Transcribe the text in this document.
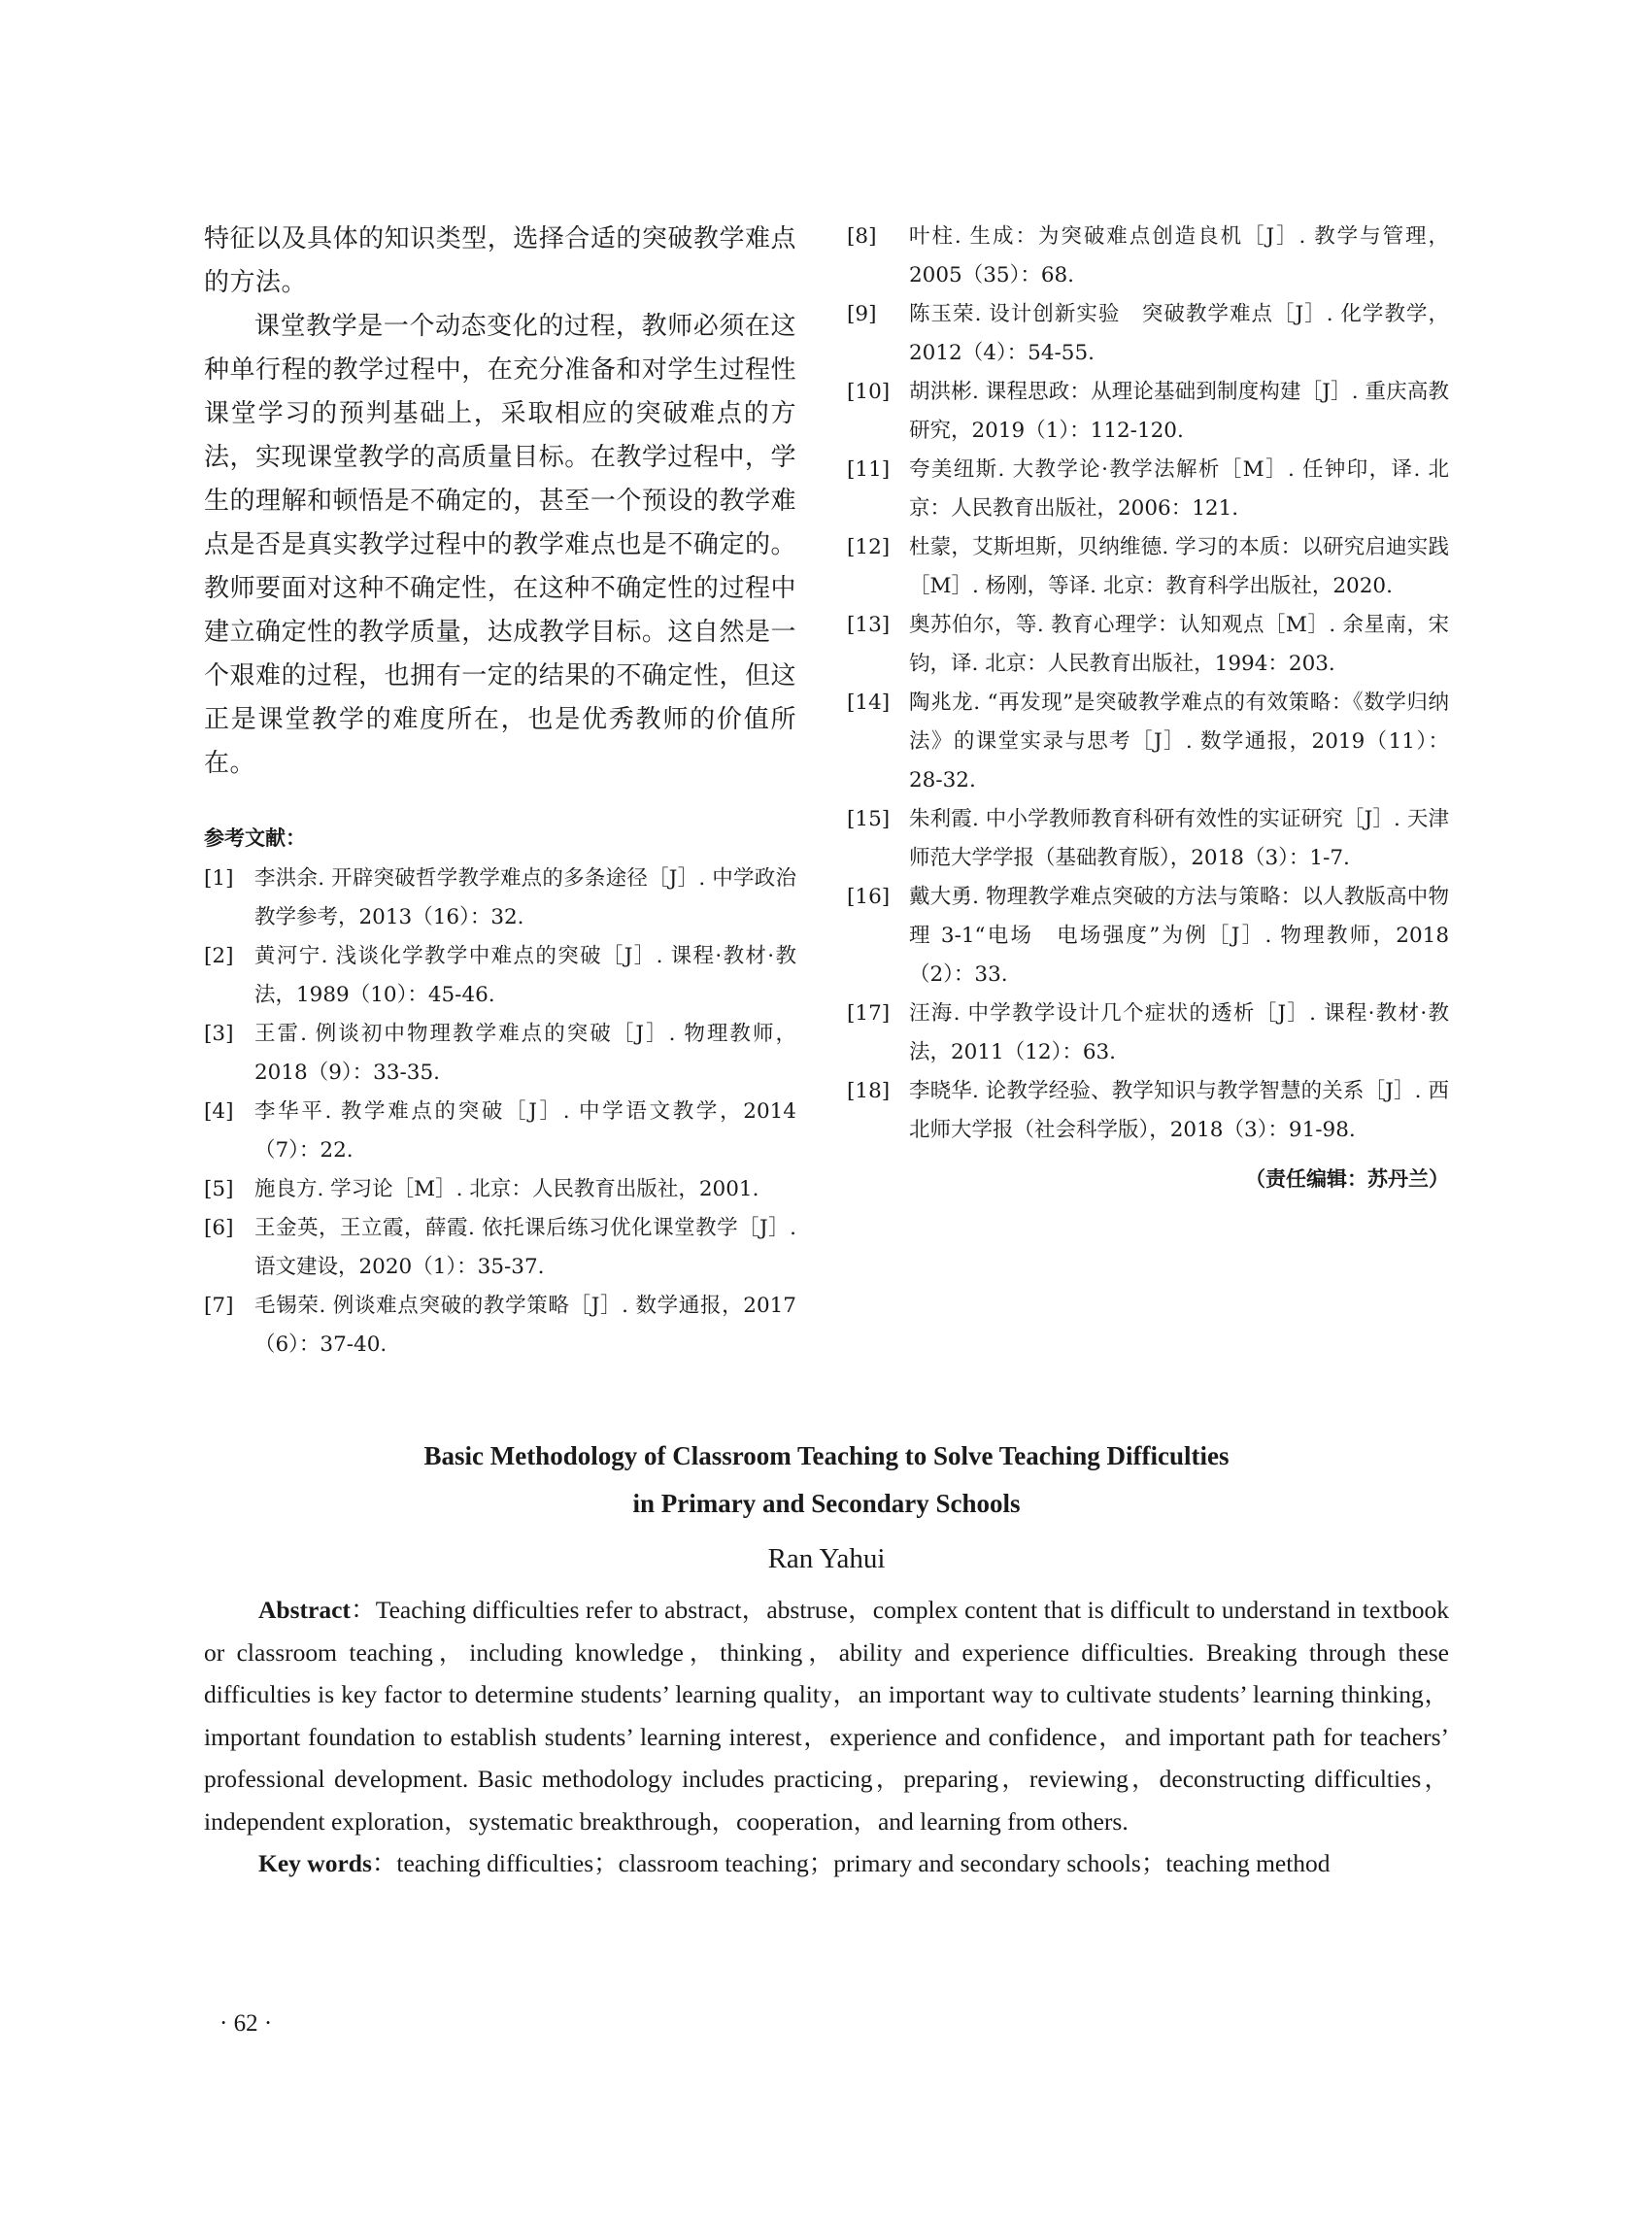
特征以及具体的知识类型，选择合适的突破教学难点的方法。

课堂教学是一个动态变化的过程，教师必须在这种单行程的教学过程中，在充分准备和对学生过程性课堂学习的预判基础上，采取相应的突破难点的方法，实现课堂教学的高质量目标。在教学过程中，学生的理解和顿悟是不确定的，甚至一个预设的教学难点是否是真实教学过程中的教学难点也是不确定的。教师要面对这种不确定性，在这种不确定性的过程中建立确定性的教学质量，达成教学目标。这自然是一个艰难的过程，也拥有一定的结果的不确定性，但这正是课堂教学的难度所在，也是优秀教师的价值所在。

参考文献：
[1]	李洪余. 开辟突破哲学教学难点的多条途径［J］. 中学政治教学参考，2013（16）：32.
[2]	黄河宁. 浅谈化学教学中难点的突破［J］. 课程·教材·教法，1989（10）：45-46.
[3]	王雷. 例谈初中物理教学难点的突破［J］. 物理教师，2018（9）：33-35.
[4]	李华平. 教学难点的突破［J］. 中学语文教学，2014（7）：22.
[5]	施良方. 学习论［M］. 北京：人民教育出版社，2001.
[6]	王金英，王立霞，薛霞. 依托课后练习优化课堂教学［J］. 语文建设，2020（1）：35-37.
[7]	毛锡荣. 例谈难点突破的教学策略［J］. 数学通报，2017（6）：37-40.
[8]	叶柱. 生成：为突破难点创造良机［J］. 教学与管理，2005（35）：68.
[9]	陈玉荣. 设计创新实验　突破教学难点［J］. 化学教学，2012（4）：54-55.
[10] 胡洪彬. 课程思政：从理论基础到制度构建［J］. 重庆高教研究，2019（1）：112-120.
[11] 夸美纽斯. 大教学论·教学法解析［M］. 任钟印，译. 北京：人民教育出版社，2006：121.
[12] 杜蒙，艾斯坦斯，贝纳维德. 学习的本质：以研究启迪实践［M］. 杨刚，等译. 北京：教育科学出版社，2020.
[13] 奥苏伯尔，等. 教育心理学：认知观点［M］. 余星南，宋钧，译. 北京：人民教育出版社，1994：203.
[14] 陶兆龙. “再发现”是突破教学难点的有效策略：《数学归纳法》的课堂实录与思考［J］. 数学通报，2019（11）：28-32.
[15] 朱利霞. 中小学教师教育科研有效性的实证研究［J］. 天津师范大学学报（基础教育版），2018（3）：1-7.
[16] 戴大勇. 物理教学难点突破的方法与策略：以人教版高中物理 3-1“电场　电场强度”为例［J］. 物理教师，2018（2）：33.
[17] 汪海. 中学教学设计几个症状的透析［J］. 课程·教材·教法，2011（12）：63.
[18] 李晓华. 论教学经验、教学知识与教学智慧的关系［J］. 西北师大学报（社会科学版），2018（3）：91-98.
（责任编辑：苏丹兰）

Basic Methodology of Classroom Teaching to Solve Teaching Difficulties

in Primary and Secondary Schools

Ran Yahui

Abstract：Teaching difficulties refer to abstract，abstruse，complex content that is difficult to understand in textbook or classroom teaching，including knowledge，thinking，ability and experience difficulties. Breaking through these difficulties is key factor to determine students’ learning quality，an important way to cultivate students’ learning thinking，important foundation to establish students’ learning interest，experience and confidence，and important path for teachers’ professional development. Basic methodology includes practicing，preparing，reviewing，deconstructing difficulties，independent exploration，systematic breakthrough，cooperation，and learning from others.

Key words：teaching difficulties；classroom teaching；primary and secondary schools；teaching method

· 62 ·
